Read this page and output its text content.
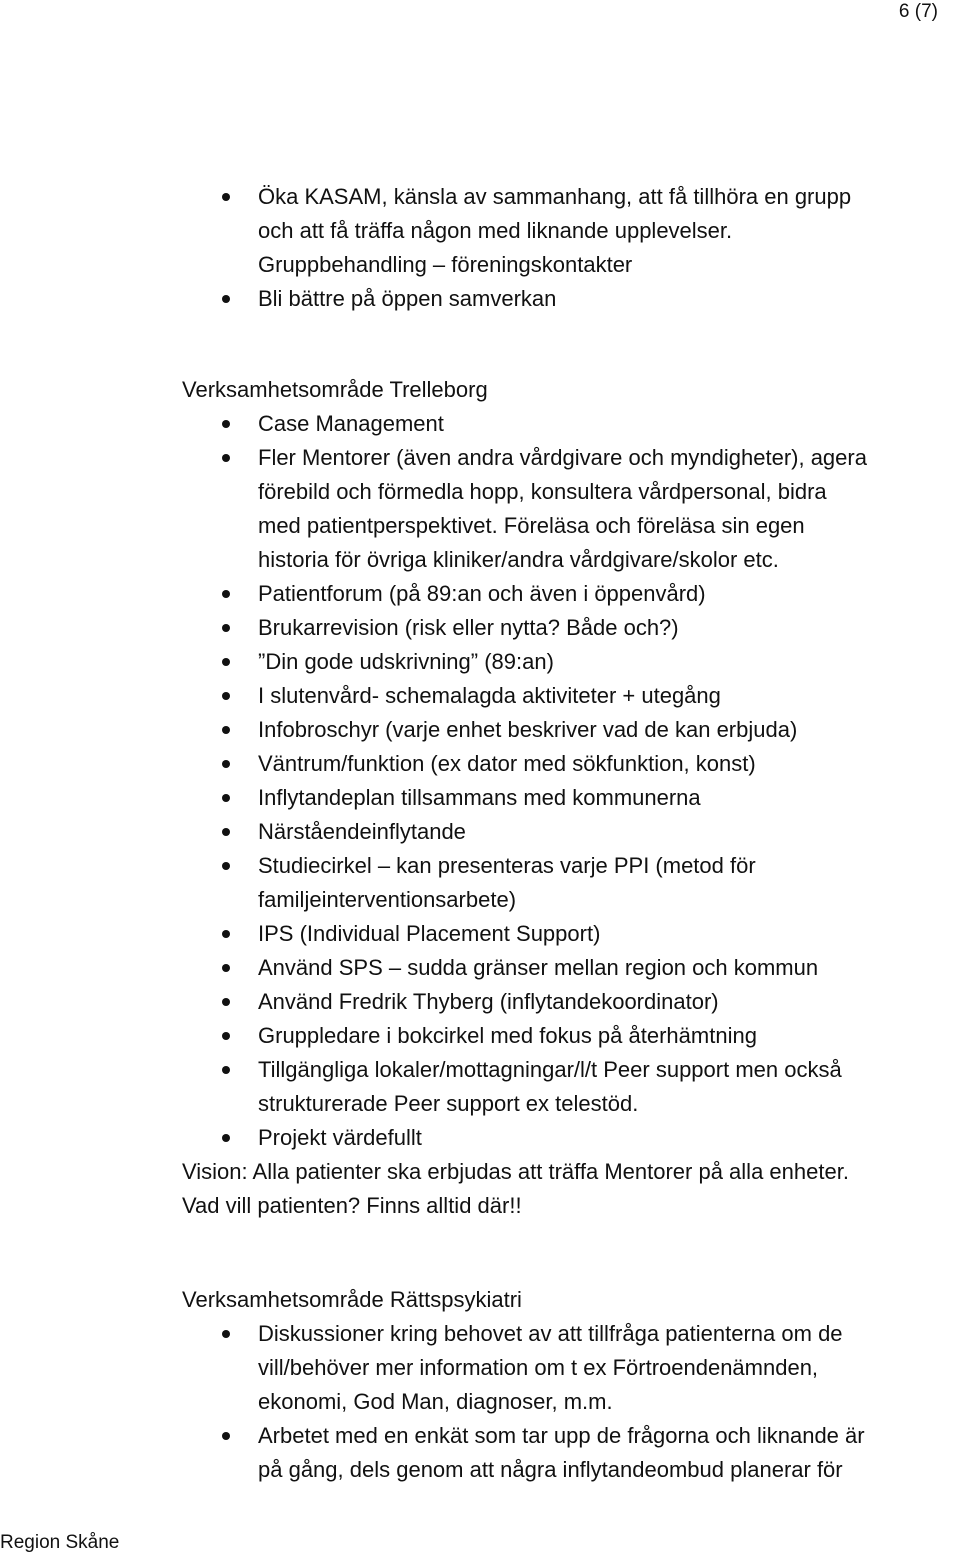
6 (7)
Öka KASAM, känsla av sammanhang, att få tillhöra en grupp
och att få träffa någon med liknande upplevelser.
Gruppbehandling – föreningskontakter
Bli bättre på öppen samverkan
Verksamhetsområde Trelleborg
Case Management
Fler Mentorer (även andra vårdgivare och myndigheter), agera
förebild och förmedla hopp, konsultera vårdpersonal, bidra
med patientperspektivet. Föreläsa och föreläsa sin egen
historia för övriga kliniker/andra vårdgivare/skolor etc.
Patientforum (på 89:an och även i öppenvård)
Brukarrevision (risk eller nytta? Både och?)
”Din gode udskrivning” (89:an)
I slutenvård- schemalagda aktiviteter + utegång
Infobroschyr (varje enhet beskriver vad de kan erbjuda)
Väntrum/funktion (ex dator med sökfunktion, konst)
Inflytandeplan tillsammans med kommunerna
Närståendeinflytande
Studiecirkel – kan presenteras varje PPI (metod för
familjeinterventionsarbete)
IPS (Individual Placement Support)
Använd SPS – sudda gränser mellan region och kommun
Använd Fredrik Thyberg (inflytandekoordinator)
Gruppledare i bokcirkel med fokus på återhämtning
Tillgängliga lokaler/mottagningar/l/t Peer support men också
strukturerade Peer support ex telestöd.
Projekt värdefullt
Vision: Alla patienter ska erbjudas att träffa Mentorer på alla enheter.
Vad vill patienten? Finns alltid där!!
Verksamhetsområde Rättspsykiatri
Diskussioner kring behovet av att tillfråga patienterna om de
vill/behöver mer information om t ex Förtroendenämnden,
ekonomi, God Man, diagnoser, m.m.
Arbetet med en enkät som tar upp de frågorna och liknande är
på gång, dels genom att några inflytandeombud planerar för
Region Skåne
